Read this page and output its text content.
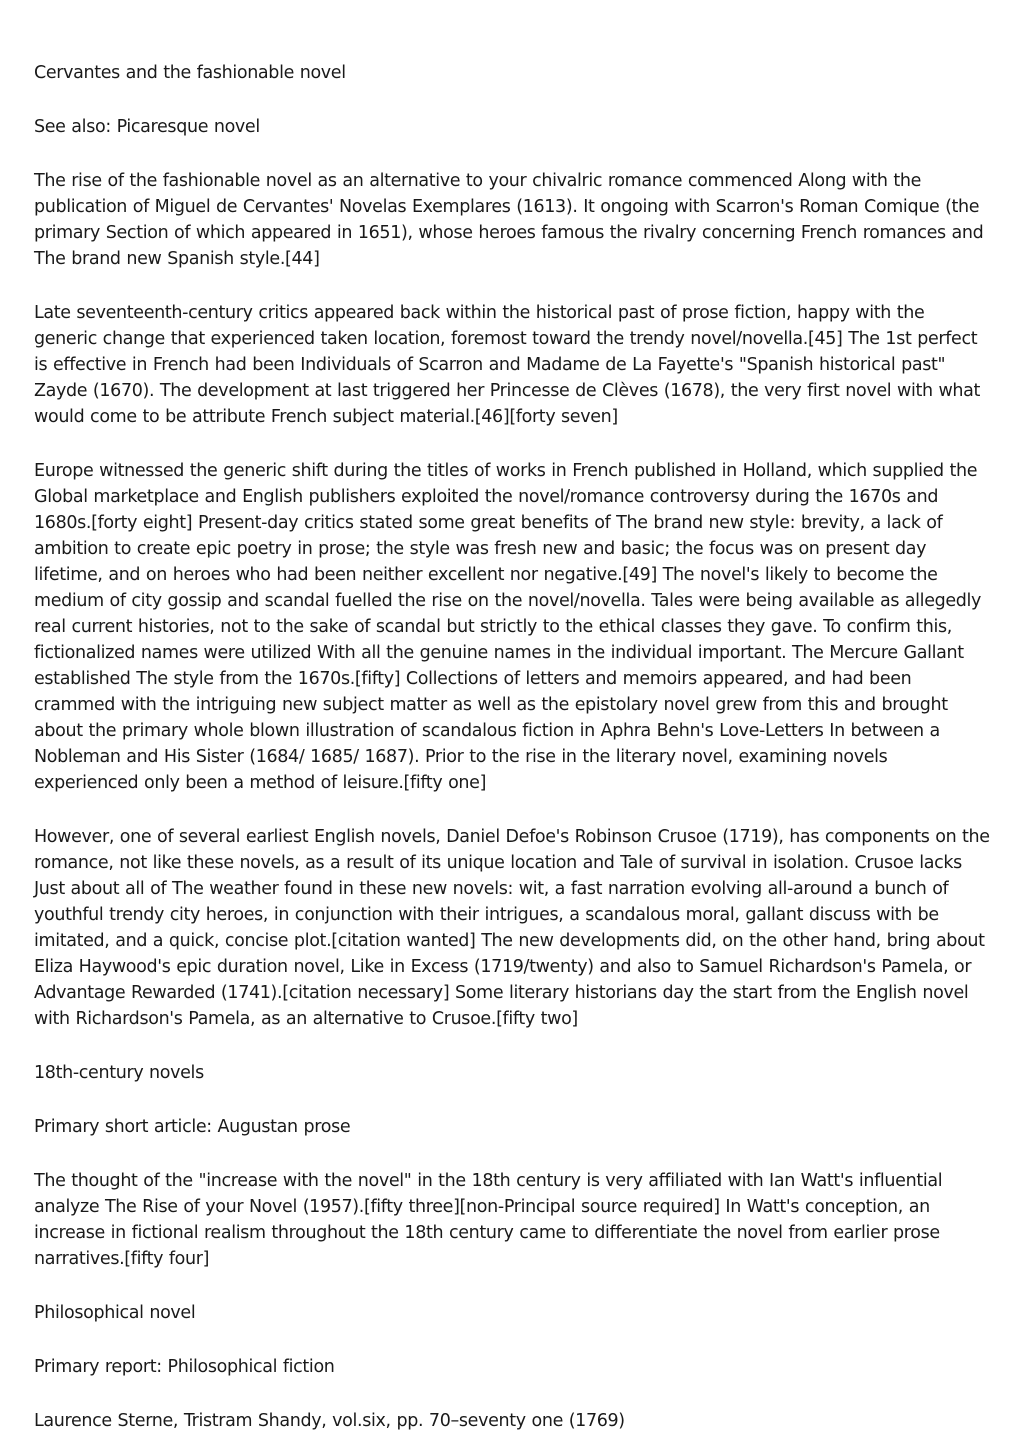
Cervantes and the fashionable novel

See also: Picaresque novel

The rise of the fashionable novel as an alternative to your chivalric romance commenced Along with the publication of Miguel de Cervantes' Novelas Exemplares (1613). It ongoing with Scarron's Roman Comique (the primary Section of which appeared in 1651), whose heroes famous the rivalry concerning French romances and The brand new Spanish style.[44]

Late seventeenth-century critics appeared back within the historical past of prose fiction, happy with the generic change that experienced taken location, foremost toward the trendy novel/novella.[45] The 1st perfect is effective in French had been Individuals of Scarron and Madame de La Fayette's "Spanish historical past" Zayde (1670). The development at last triggered her Princesse de Clèves (1678), the very first novel with what would come to be attribute French subject material.[46][forty seven]

Europe witnessed the generic shift during the titles of works in French published in Holland, which supplied the Global marketplace and English publishers exploited the novel/romance controversy during the 1670s and 1680s.[forty eight] Present-day critics stated some great benefits of The brand new style: brevity, a lack of ambition to create epic poetry in prose; the style was fresh new and basic; the focus was on present day lifetime, and on heroes who had been neither excellent nor negative.[49] The novel's likely to become the medium of city gossip and scandal fuelled the rise on the novel/novella. Tales were being available as allegedly real current histories, not to the sake of scandal but strictly to the ethical classes they gave. To confirm this, fictionalized names were utilized With all the genuine names in the individual important. The Mercure Gallant established The style from the 1670s.[fifty] Collections of letters and memoirs appeared, and had been crammed with the intriguing new subject matter as well as the epistolary novel grew from this and brought about the primary whole blown illustration of scandalous fiction in Aphra Behn's Love-Letters In between a Nobleman and His Sister (1684/ 1685/ 1687). Prior to the rise in the literary novel, examining novels experienced only been a method of leisure.[fifty one]

However, one of several earliest English novels, Daniel Defoe's Robinson Crusoe (1719), has components on the romance, not like these novels, as a result of its unique location and Tale of survival in isolation. Crusoe lacks Just about all of The weather found in these new novels: wit, a fast narration evolving all-around a bunch of youthful trendy city heroes, in conjunction with their intrigues, a scandalous moral, gallant discuss with be imitated, and a quick, concise plot.[citation wanted] The new developments did, on the other hand, bring about Eliza Haywood's epic duration novel, Like in Excess (1719/twenty) and also to Samuel Richardson's Pamela, or Advantage Rewarded (1741).[citation necessary] Some literary historians day the start from the English novel with Richardson's Pamela, as an alternative to Crusoe.[fifty two]

18th-century novels

Primary short article: Augustan prose

The thought of the "increase with the novel" in the 18th century is very affiliated with Ian Watt's influential analyze The Rise of your Novel (1957).[fifty three][non-Principal source required] In Watt's conception, an increase in fictional realism throughout the 18th century came to differentiate the novel from earlier prose narratives.[fifty four]

Philosophical novel

Primary report: Philosophical fiction

Laurence Sterne, Tristram Shandy, vol.six, pp. 70–seventy one (1769)
